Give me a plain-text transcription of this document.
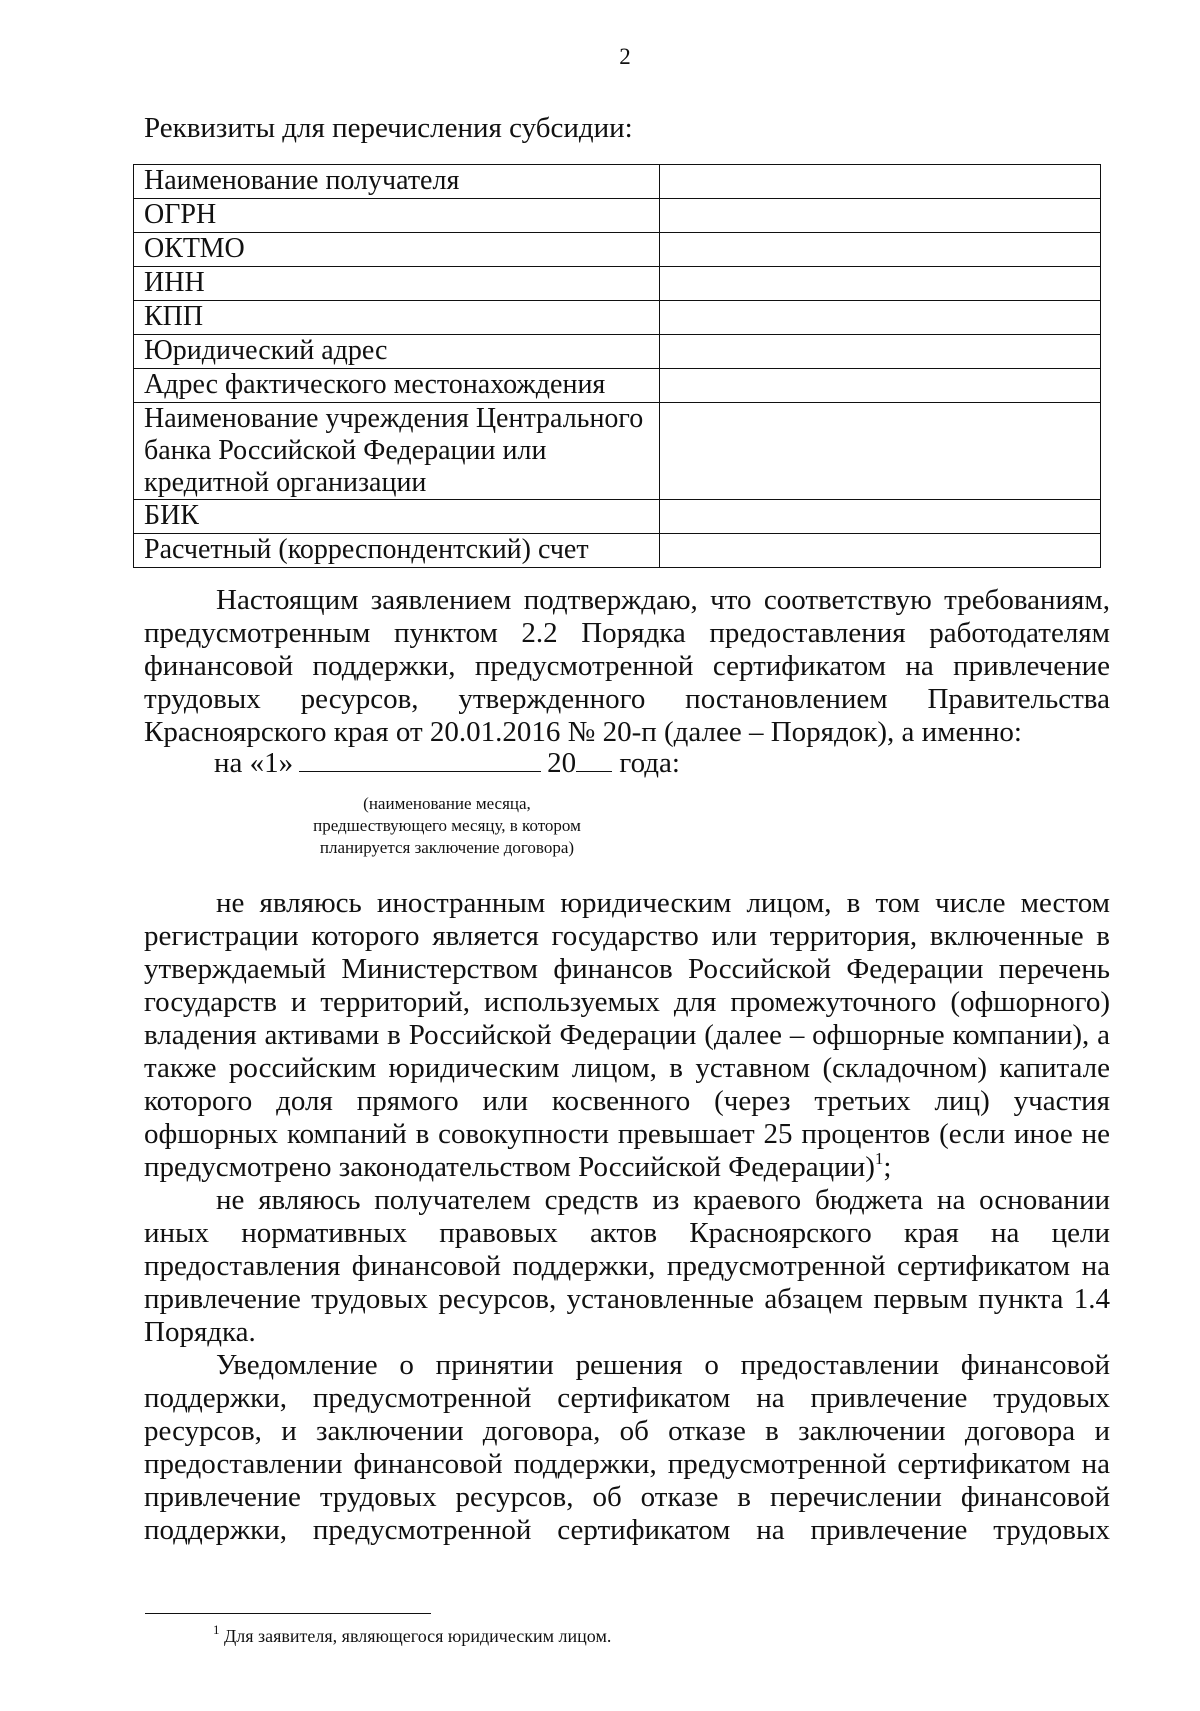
2
Реквизиты для перечисления субсидии:
Наименование получателя	
ОГРН	
ОКТМО	
ИНН	
КПП	
Юридический адрес	
Адрес фактического местонахождения	
Наименование учреждения Центрального банка Российской Федерации или кредитной организации	
БИК	
Расчетный (корреспондентский) счет	

Настоящим заявлением подтверждаю, что соответствую требованиям, предусмотренным пунктом 2.2 Порядка предоставления работодателям финансовой поддержки, предусмотренной сертификатом на привлечение трудовых ресурсов, утвержденного постановлением Правительства Красноярского края от 20.01.2016 № 20-п (далее – Порядок), а именно:

на «1»	20 года:
(наименование месяца, предшествующего месяцу, в котором планируется заключение договора)

не являюсь иностранным юридическим лицом, в том числе местом регистрации которого является государство или территория, включенные в утверждаемый Министерством финансов Российской Федерации перечень государств и территорий, используемых для промежуточного (офшорного) владения активами в Российской Федерации (далее – офшорные компании), а также российским юридическим лицом, в уставном (складочном) капитале которого доля прямого или косвенного (через третьих лиц) участия офшорных компаний в совокупности превышает 25 процентов (если иное не предусмотрено законодательством Российской Федерации)$^1$;

не являюсь получателем средств из краевого бюджета на основании иных нормативных правовых актов Красноярского края на цели предоставления финансовой поддержки, предусмотренной сертификатом на привлечение трудовых ресурсов, установленные абзацем первым пункта 1.4 Порядка.

Уведомление о принятии решения о предоставлении финансовой поддержки, предусмотренной сертификатом на привлечение трудовых ресурсов, и заключении договора, об отказе в заключении договора и предоставлении финансовой поддержки, предусмотренной сертификатом на привлечение трудовых ресурсов, об отказе в перечислении финансовой поддержки, предусмотренной сертификатом на привлечение трудовых

$^1$ Для заявителя, являющегося юридическим лицом.
